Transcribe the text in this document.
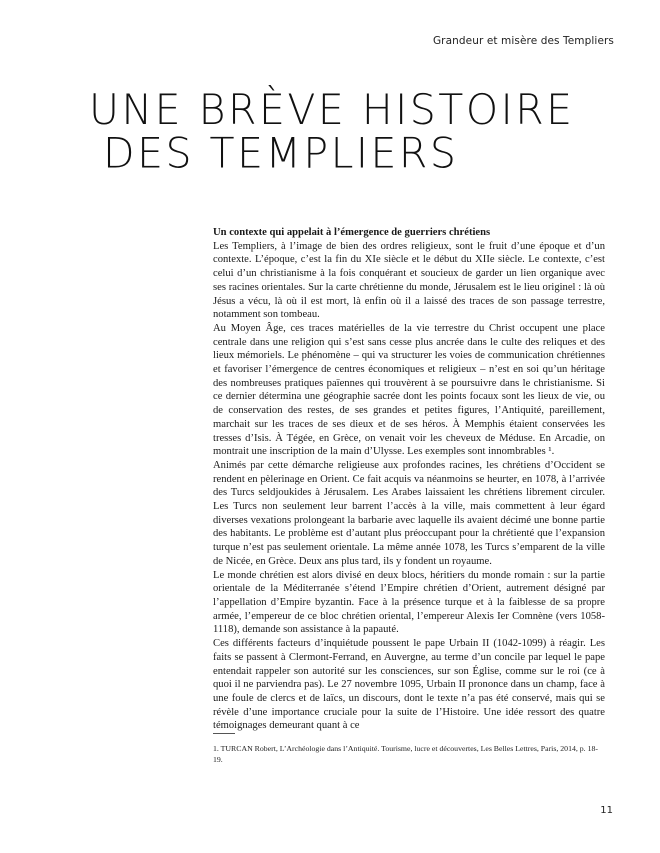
Grandeur et misère des Templiers
UNE BRÈVE HISTOIRE
DES TEMPLIERS

Un contexte qui appelait à l’émergence de guerriers chrétiens

Les Templiers, à l’image de bien des ordres religieux, sont le fruit d’une époque et d’un contexte. L’époque, c’est la fin du XIe siècle et le début du XIIe siècle. Le contexte, c’est celui d’un christianisme à la fois conquérant et soucieux de garder un lien organique avec ses racines orientales. Sur la carte chrétienne du monde, Jérusalem est le lieu originel : là où Jésus a vécu, là où il est mort, là enfin où il a laissé des traces de son passage terrestre, notamment son tombeau.

Au Moyen Âge, ces traces matérielles de la vie terrestre du Christ occupent une place centrale dans une religion qui s’est sans cesse plus ancrée dans le culte des reliques et des lieux mémoriels. Le phénomène – qui va structurer les voies de communication chrétiennes et favoriser l’émergence de centres économiques et religieux – n’est en soi qu’un héritage des nombreuses pratiques païennes qui trouvèrent à se poursuivre dans le christianisme. Si ce dernier détermina une géographie sacrée dont les points focaux sont les lieux de vie, ou de conservation des restes, de ses grandes et petites figures, l’Antiquité, pareillement, marchait sur les traces de ses dieux et de ses héros. À Memphis étaient conservées les tresses d’Isis. À Tégée, en Grèce, on venait voir les cheveux de Méduse. En Arcadie, on montrait une inscription de la main d’Ulysse. Les exemples sont innombrables ¹.

Animés par cette démarche religieuse aux profondes racines, les chrétiens d’Occident se rendent en pèlerinage en Orient. Ce fait acquis va néanmoins se heurter, en 1078, à l’arrivée des Turcs seldjoukides à Jérusalem. Les Arabes laissaient les chrétiens librement circuler. Les Turcs non seulement leur barrent l’accès à la ville, mais commettent à leur égard diverses vexations prolongeant la barbarie avec laquelle ils avaient décimé une bonne partie des habitants. Le problème est d’autant plus préoccupant pour la chrétienté que l’expansion turque n’est pas seulement orientale. La même année 1078, les Turcs s’emparent de la ville de Nicée, en Grèce. Deux ans plus tard, ils y fondent un royaume.

Le monde chrétien est alors divisé en deux blocs, héritiers du monde romain : sur la partie orientale de la Méditerranée s’étend l’Empire chrétien d’Orient, autrement désigné par l’appellation d’Empire byzantin. Face à la présence turque et à la faiblesse de sa propre armée, l’empereur de ce bloc chrétien oriental, l’empereur Alexis Ier Comnène (vers 1058-1118), demande son assistance à la papauté.

Ces différents facteurs d’inquiétude poussent le pape Urbain II (1042-1099) à réagir. Les faits se passent à Clermont-Ferrand, en Auvergne, au terme d’un concile par lequel le pape entendait rappeler son autorité sur les consciences, sur son Église, comme sur le roi (ce à quoi il ne parviendra pas). Le 27 novembre 1095, Urbain II prononce dans un champ, face à une foule de clercs et de laïcs, un discours, dont le texte n’a pas été conservé, mais qui se révèle d’une importance cruciale pour la suite de l’Histoire. Une idée ressort des quatre témoignages demeurant quant à ce

1. TURCAN Robert, L’Archéologie dans l’Antiquité. Tourisme, lucre et découvertes, Les Belles Lettres, Paris, 2014, p. 18-19.

11
